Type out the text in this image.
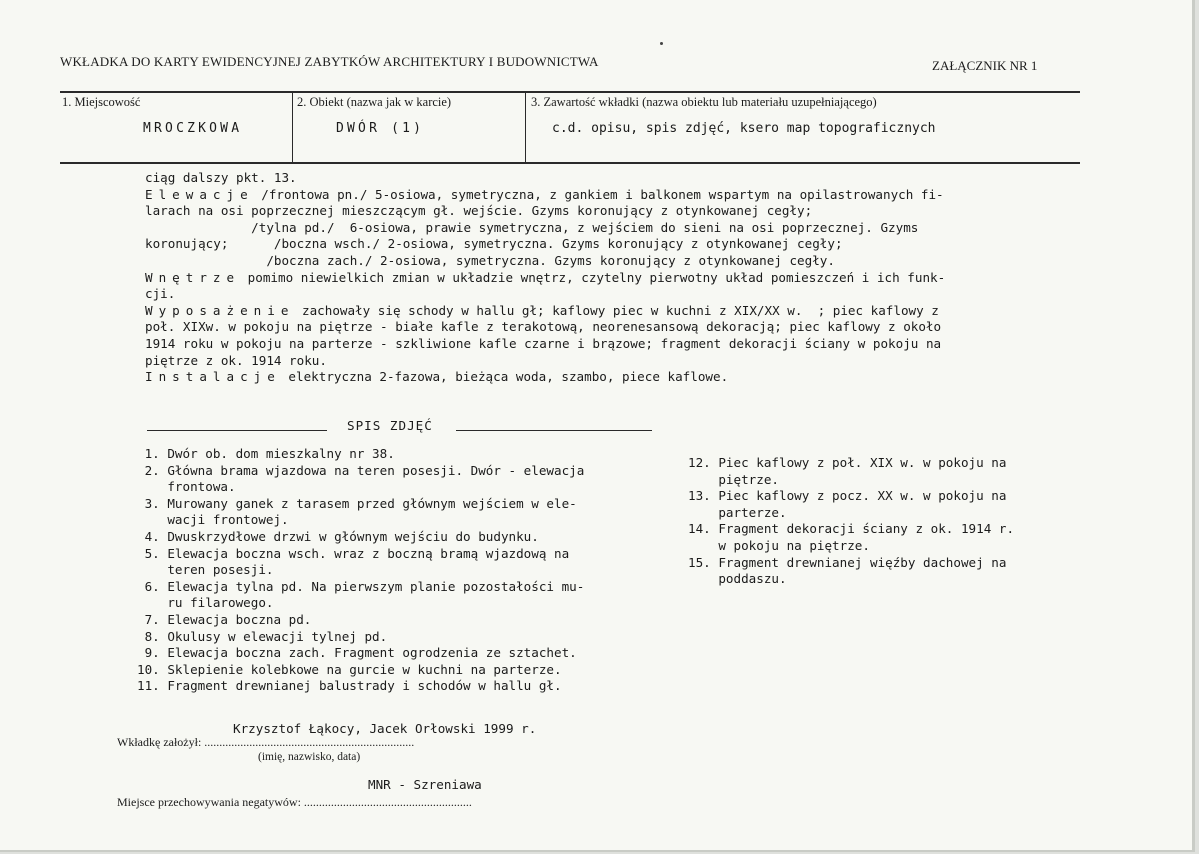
WKŁADKA DO KARTY EWIDENCYJNEJ ZABYTKÓW ARCHITEKTURY I BUDOWNICTWA	ZAŁĄCZNIK NR 1
1. Miejscowość	2. Obiekt (nazwa jak w karcie)	3. Zawartość wkładki (nazwa obiektu lub materiału uzupełniającego)
MROCZKOWA	DWÓR (1)	c.d. opisu, spis zdjęć, ksero map topograficznych
ciąg dalszy pkt. 13.
Elewacje /frontowa pn./ 5-osiowa, symetryczna, z gankiem i balkonem wspartym na opilastrowanych fi-
larach na osi poprzecznej mieszczącym gł. wejście. Gzyms koronujący z otynkowanej cegły;
/tylna pd./  6-osiowa, prawie symetryczna, z wejściem do sieni na osi poprzecznej. Gzyms
koronujący;      /boczna wsch./ 2-osiowa, symetryczna. Gzyms koronujący z otynkowanej cegły;
/boczna zach./ 2-osiowa, symetryczna. Gzyms koronujący z otynkowanej cegły.
Wnętrze pomimo niewielkich zmian w układzie wnętrz, czytelny pierwotny układ pomieszczeń i ich funk-
cji.
Wyposażenie zachowały się schody w hallu gł; kaflowy piec w kuchni z XIX/XX w.  ; piec kaflowy z
poł. XIXw. w pokoju na piętrze - białe kafle z terakotową, neorenesansową dekoracją; piec kaflowy z około
1914 roku w pokoju na parterze - szkliwione kafle czarne i brązowe; fragment dekoracji ściany w pokoju na
piętrze z ok. 1914 roku.
Instalacje elektryczna 2-fazowa, bieżąca woda, szambo, piece kaflowe.
SPIS ZDJĘĆ
1. Dwór ob. dom mieszkalny nr 38.
2. Główna brama wjazdowa na teren posesji. Dwór - elewacja
frontowa.
3. Murowany ganek z tarasem przed głównym wejściem w ele-
wacji frontowej.
4. Dwuskrzydłowe drzwi w głównym wejściu do budynku.
5. Elewacja boczna wsch. wraz z boczną bramą wjazdową na
teren posesji.
6. Elewacja tylna pd. Na pierwszym planie pozostałości mu-
ru filarowego.
7. Elewacja boczna pd.
8. Okulusy w elewacji tylnej pd.
9. Elewacja boczna zach. Fragment ogrodzenia ze sztachet.
10. Sklepienie kolebkowe na gurcie w kuchni na parterze.
11. Fragment drewnianej balustrady i schodów w hallu gł.
12. Piec kaflowy z poł. XIX w. w pokoju na
piętrze.
13. Piec kaflowy z pocz. XX w. w pokoju na
parterze.
14. Fragment dekoracji ściany z ok. 1914 r.
w pokoju na piętrze.
15. Fragment drewnianej więźby dachowej na
poddaszu.
Krzysztof Łąkocy, Jacek Orłowski 1999 r.
Wkładkę założył: ......................................................................
(imię, nazwisko, data)
MNR - Szreniawa
Miejsce przechowywania negatywów: ........................................................
